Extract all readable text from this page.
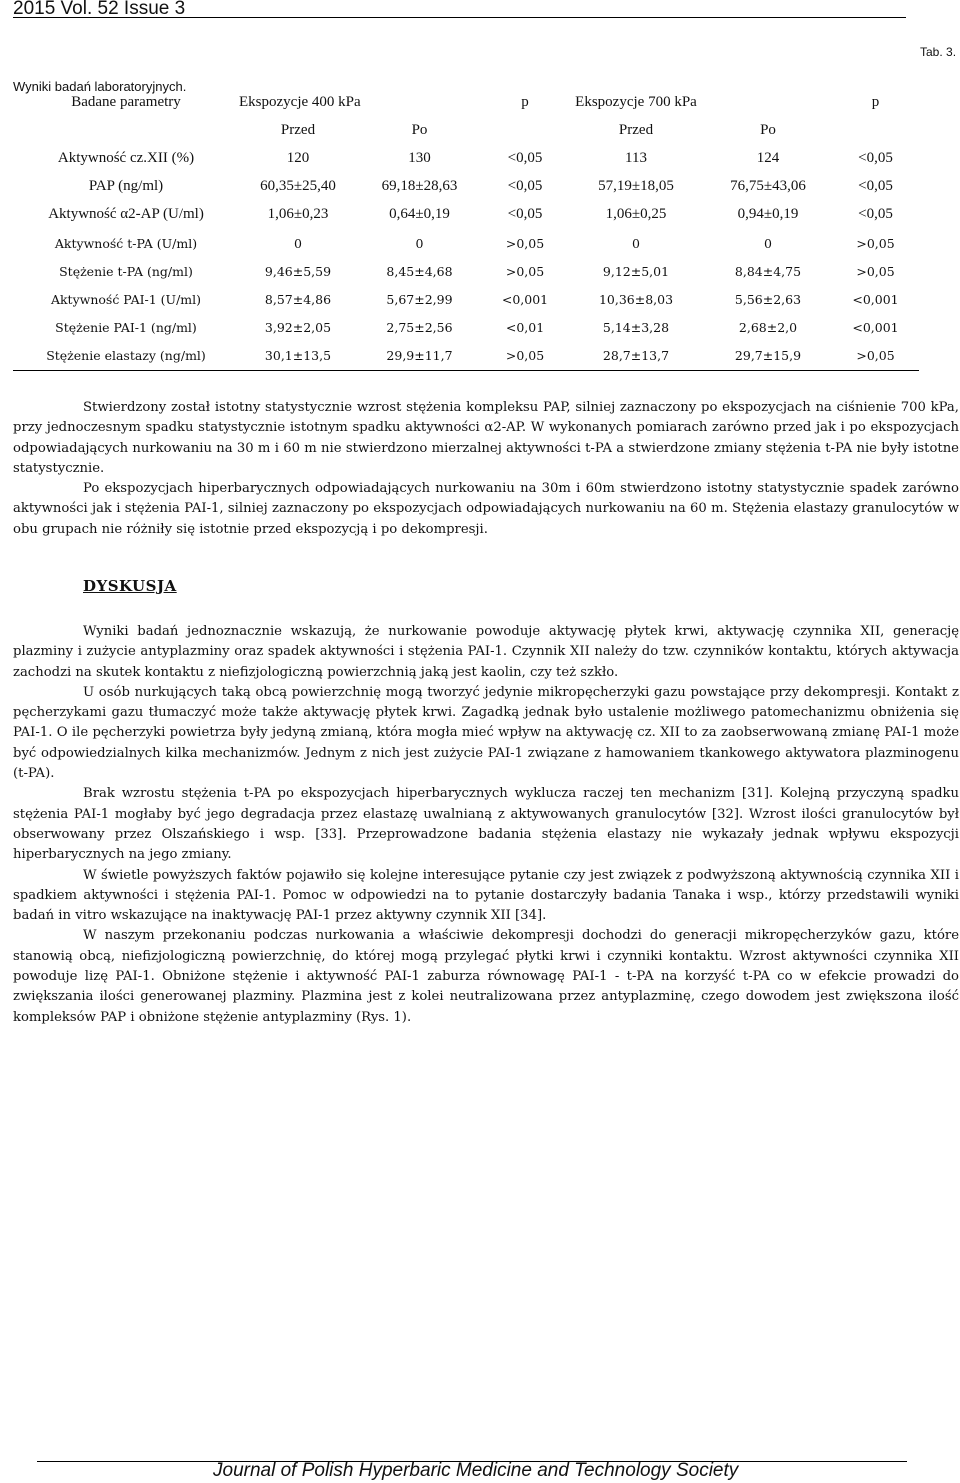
2015 Vol. 52 Issue 3
Tab. 3.
Wyniki badań laboratoryjnych.
Badane parametry	Ekspozycje 400 kPa		p	Ekspozycje 700 kPa		p
	Przed	Po		Przed	Po	
Aktywność cz.XII (%)	120	130	<0,05	113	124	<0,05
PAP (ng/ml)	60,35±25,40	69,18±28,63	<0,05	57,19±18,05	76,75±43,06	<0,05
Aktywność α2-AP (U/ml)	1,06±0,23	0,64±0,19	<0,05	1,06±0,25	0,94±0,19	<0,05
Aktywność t-PA (U/ml)	0	0	>0,05	0	0	>0,05
Stężenie t-PA (ng/ml)	9,46±5,59	8,45±4,68	>0,05	9,12±5,01	8,84±4,75	>0,05
Aktywność PAI-1 (U/ml)	8,57±4,86	5,67±2,99	<0,001	10,36±8,03	5,56±2,63	<0,001
Stężenie PAI-1 (ng/ml)	3,92±2,05	2,75±2,56	<0,01	5,14±3,28	2,68±2,0	<0,001
Stężenie elastazy (ng/ml)	30,1±13,5	29,9±11,7	>0,05	28,7±13,7	29,7±15,9	>0,05

Stwierdzony został istotny statystycznie wzrost stężenia kompleksu PAP, silniej zaznaczony po ekspozycjach na ciśnienie 700 kPa, przy jednoczesnym spadku statystycznie istotnym spadku aktywności α2-AP. W wykonanych pomiarach zarówno przed jak i po ekspozycjach odpowiadających nurkowaniu na 30 m i 60 m nie stwierdzono mierzalnej aktywności t-PA a stwierdzone zmiany stężenia t-PA nie były istotne statystycznie.

Po ekspozycjach hiperbarycznych odpowiadających nurkowaniu na 30m i 60m stwierdzono istotny statystycznie spadek zarówno aktywności jak i stężenia PAI-1, silniej zaznaczony po ekspozycjach odpowiadających nurkowaniu na 60 m. Stężenia elastazy granulocytów w obu grupach nie różniły się istotnie przed ekspozycją i po dekompresji.

DYSKUSJA

Wyniki badań jednoznacznie wskazują, że nurkowanie powoduje aktywację płytek krwi, aktywację czynnika XII, generację plazminy i zużycie antyplazminy oraz spadek aktywności i stężenia PAI-1. Czynnik XII należy do tzw. czynników kontaktu, których aktywacja zachodzi na skutek kontaktu z niefizjologiczną powierzchnią jaką jest kaolin, czy też szkło.

U osób nurkujących taką obcą powierzchnię mogą tworzyć jedynie mikropęcherzyki gazu powstające przy dekompresji. Kontakt z pęcherzykami gazu tłumaczyć może także aktywację płytek krwi. Zagadką jednak było ustalenie możliwego patomechanizmu obniżenia się PAI-1. O ile pęcherzyki powietrza były jedyną zmianą, która mogła mieć wpływ na aktywację cz. XII to za zaobserwowaną zmianę PAI-1 może być odpowiedzialnych kilka mechanizmów. Jednym z nich jest zużycie PAI-1 związane z hamowaniem tkankowego aktywatora plazminogenu (t-PA).

Brak wzrostu stężenia t-PA po ekspozycjach hiperbarycznych wyklucza raczej ten mechanizm [31]. Kolejną przyczyną spadku stężenia PAI-1 mogłaby być jego degradacja przez elastazę uwalnianą z aktywowanych granulocytów [32]. Wzrost ilości granulocytów był obserwowany przez Olszańskiego i wsp. [33]. Przeprowadzone badania stężenia elastazy nie wykazały jednak wpływu ekspozycji hiperbarycznych na jego zmiany.

W świetle powyższych faktów pojawiło się kolejne interesujące pytanie czy jest związek z podwyższoną aktywnością czynnika XII i spadkiem aktywności i stężenia PAI-1. Pomoc w odpowiedzi na to pytanie dostarczyły badania Tanaka i wsp., którzy przedstawili wyniki badań in vitro wskazujące na inaktywację PAI-1 przez aktywny czynnik XII [34].

W naszym przekonaniu podczas nurkowania a właściwie dekompresji dochodzi do generacji mikropęcherzyków gazu, które stanowią obcą, niefizjologiczną powierzchnię, do której mogą przylegać płytki krwi i czynniki kontaktu. Wzrost aktywności czynnika XII powoduje lizę PAI-1. Obniżone stężenie i aktywność PAI-1 zaburza równowagę PAI-1 - t-PA na korzyść t-PA co w efekcie prowadzi do zwiększania ilości generowanej plazminy. Plazmina jest z kolei neutralizowana przez antyplazminę, czego dowodem jest zwiększona ilość kompleksów PAP i obniżone stężenie antyplazminy (Rys. 1).

Journal of Polish Hyperbaric Medicine and Technology Society
